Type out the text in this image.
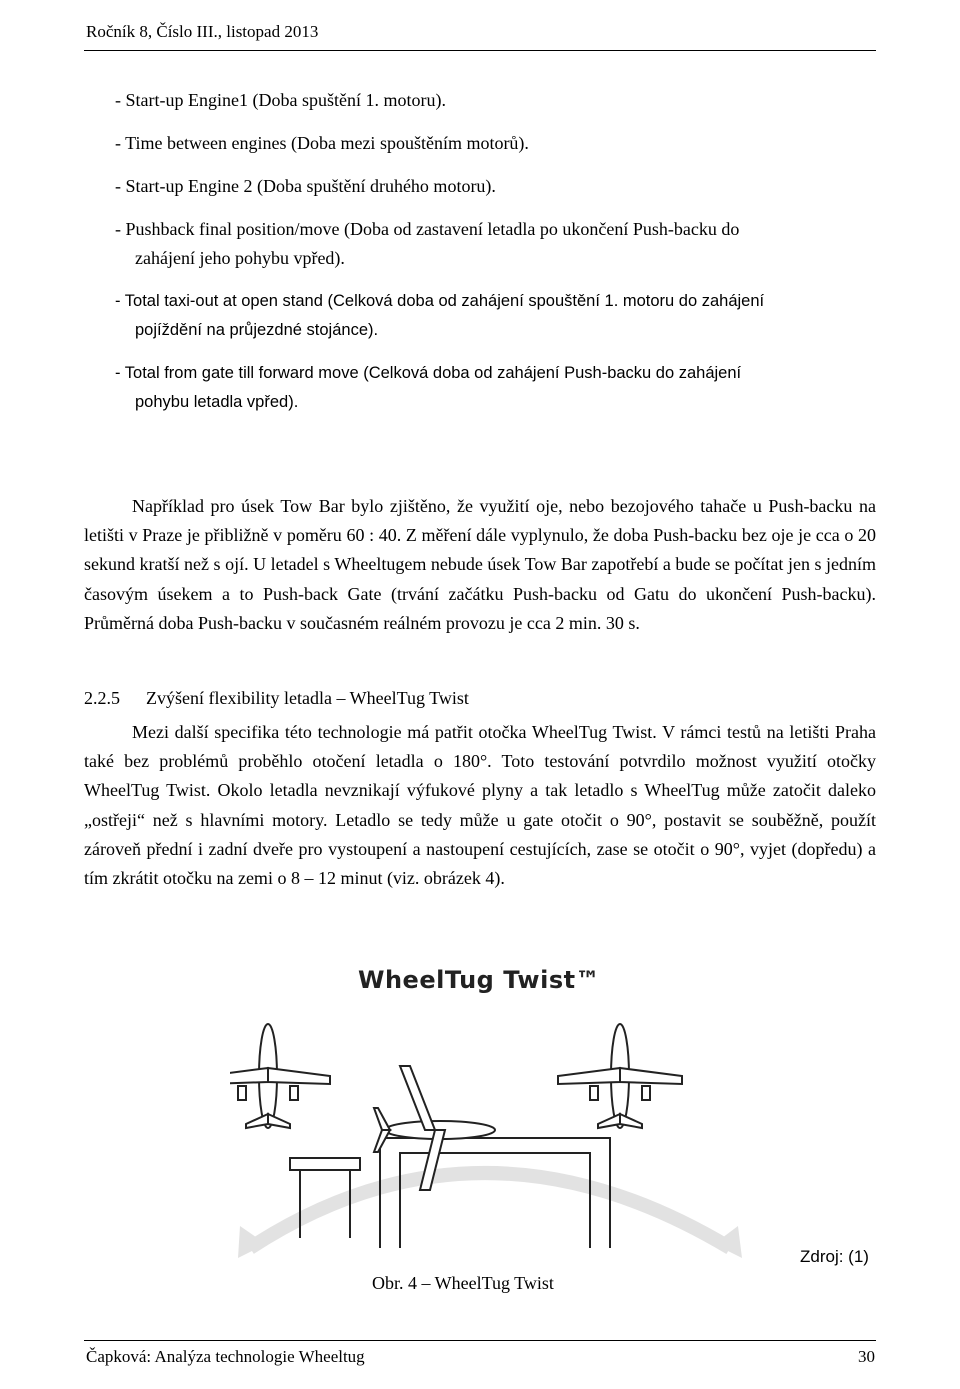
Ročník 8, Číslo III., listopad 2013
- Start-up Engine1 (Doba spuštění 1. motoru).
- Time between engines (Doba mezi spouštěním motorů).
- Start-up Engine 2 (Doba spuštění druhého motoru).
- Pushback final position/move (Doba od zastavení letadla po ukončení Push-backu do
zahájení jeho pohybu vpřed).
- Total taxi-out at open stand (Celková doba od zahájení spouštění 1. motoru do zahájení
pojíždění na průjezdné stojánce).
- Total from gate till forward move (Celková doba od zahájení Push-backu do zahájení
pohybu letadla vpřed).
Například pro úsek Tow Bar bylo zjištěno, že využití oje, nebo bezojového tahače u Push-backu na letišti v Praze je přibližně v poměru 60 : 40. Z měření dále vyplynulo, že doba Push-backu bez oje je cca o 20 sekund kratší než s ojí. U letadel s Wheeltugem nebude úsek Tow Bar zapotřebí a bude se počítat jen s jedním časovým úsekem a to Push-back Gate (trvání začátku Push-backu od Gatu do ukončení Push-backu). Průměrná doba Push-backu v současném reálném provozu je cca 2 min. 30 s.
2.2.5 Zvýšení flexibility letadla – WheelTug Twist
Mezi další specifika této technologie má patřit otočka WheelTug Twist. V rámci testů na letišti Praha také bez problémů proběhlo otočení letadla o 180°. Toto testování potvrdilo možnost využití otočky WheelTug Twist. Okolo letadla nevznikají výfukové plyny a tak letadlo s WheelTug může zatočit daleko „ostřeji“ než s hlavními motory. Letadlo se tedy může u gate otočit o 90°, postavit se souběžně, použít zároveň přední i zadní dveře pro vystoupení a nastoupení cestujících, zase se otočit o 90°, vyjet (dopředu) a tím zkrátit otočku na zemi o 8 – 12 minut (viz. obrázek 4).
WheelTug Twist™
Zdroj: (1)
Obr. 4 – WheelTug Twist
Čapková: Analýza technologie Wheeltug	30
